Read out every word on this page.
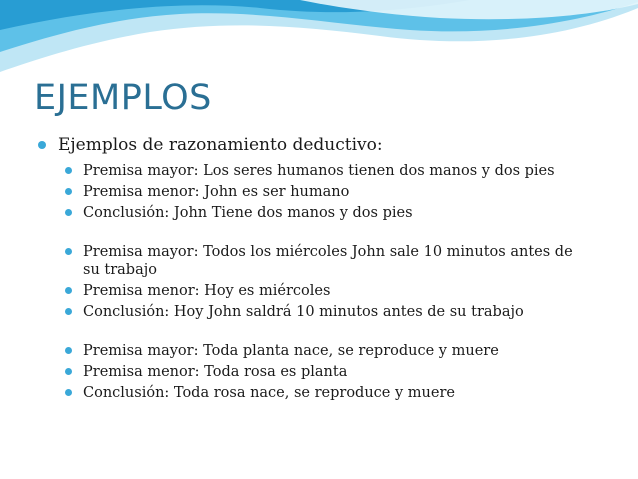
EJEMPLOS
Ejemplos de razonamiento deductivo:
Premisa mayor: Los seres humanos tienen dos manos y dos pies
Premisa menor: John es ser humano
Conclusión: John Tiene dos manos y dos pies
Premisa mayor: Todos los miércoles John sale 10 minutos antes de su trabajo
Premisa menor: Hoy es miércoles
Conclusión: Hoy John saldrá 10 minutos antes de su trabajo
Premisa mayor: Toda planta nace, se reproduce y muere
Premisa menor: Toda rosa es planta
Conclusión: Toda rosa nace, se reproduce y muere
